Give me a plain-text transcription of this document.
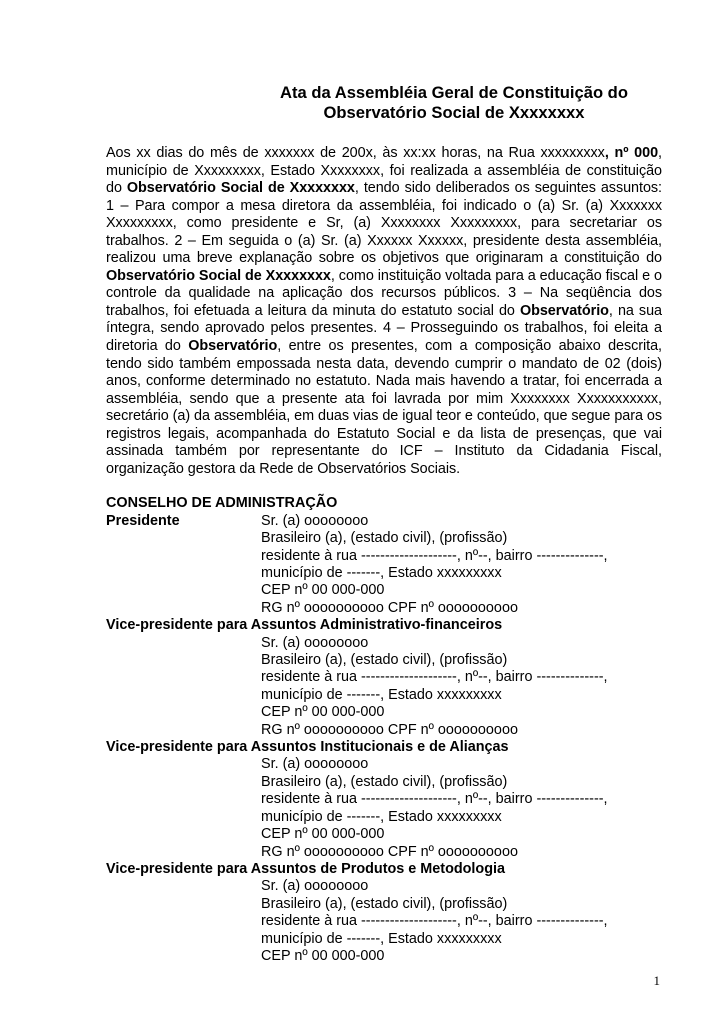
Ata da Assembléia Geral de Constituição do
Observatório Social de Xxxxxxxx
Aos xx dias do mês de xxxxxxx de 200x, às xx:xx horas, na Rua xxxxxxxxx, nº 000, município de Xxxxxxxxx, Estado Xxxxxxxx, foi realizada a assembléia de constituição do Observatório Social de Xxxxxxxx, tendo sido deliberados os seguintes assuntos: 1 – Para compor a mesa diretora da assembléia, foi indicado o (a) Sr. (a) Xxxxxxx Xxxxxxxxx, como presidente e Sr, (a) Xxxxxxxx Xxxxxxxxx, para secretariar os trabalhos. 2 – Em seguida o (a) Sr. (a) Xxxxxx Xxxxxx, presidente desta assembléia, realizou uma breve explanação sobre os objetivos que originaram a constituição do Observatório Social de Xxxxxxxx, como instituição voltada para a educação fiscal e o controle da qualidade na aplicação dos recursos públicos. 3 – Na seqüência dos trabalhos, foi efetuada a leitura da minuta do estatuto social do Observatório, na sua íntegra, sendo aprovado pelos presentes. 4 – Prosseguindo os trabalhos, foi eleita a diretoria do Observatório, entre os presentes, com a composição abaixo descrita, tendo sido também empossada nesta data, devendo cumprir o mandato de 02 (dois) anos, conforme determinado no estatuto. Nada mais havendo a tratar, foi encerrada a assembléia, sendo que a presente ata foi lavrada por mim Xxxxxxxx Xxxxxxxxxxx, secretário (a) da assembléia, em duas vias de igual teor e conteúdo, que segue para os registros legais, acompanhada do Estatuto Social e da lista de presenças, que vai assinada também por representante do ICF – Instituto da Cidadania Fiscal, organização gestora da Rede de Observatórios Sociais.
CONSELHO DE ADMINISTRAÇÃO
Presidente	Sr. (a) oooooooo
Brasileiro (a), (estado civil), (profissão)
residente à rua --------------------, nº--, bairro --------------,
município de -------, Estado xxxxxxxxx
CEP nº 00 000-000
RG nº oooooooooo CPF nº oooooooooo
Vice-presidente para Assuntos Administrativo-financeiros
Sr. (a) oooooooo
Brasileiro (a), (estado civil), (profissão)
residente à rua --------------------, nº--, bairro --------------,
município de -------, Estado xxxxxxxxx
CEP nº 00 000-000
RG nº oooooooooo CPF nº oooooooooo
Vice-presidente para Assuntos Institucionais e de Alianças
Sr. (a) oooooooo
Brasileiro (a), (estado civil), (profissão)
residente à rua --------------------, nº--, bairro --------------,
município de -------, Estado xxxxxxxxx
CEP nº 00 000-000
RG nº oooooooooo CPF nº oooooooooo
Vice-presidente para Assuntos de Produtos e Metodologia
Sr. (a) oooooooo
Brasileiro (a), (estado civil), (profissão)
residente à rua --------------------, nº--, bairro --------------,
município de -------, Estado xxxxxxxxx
CEP nº 00 000-000
1
